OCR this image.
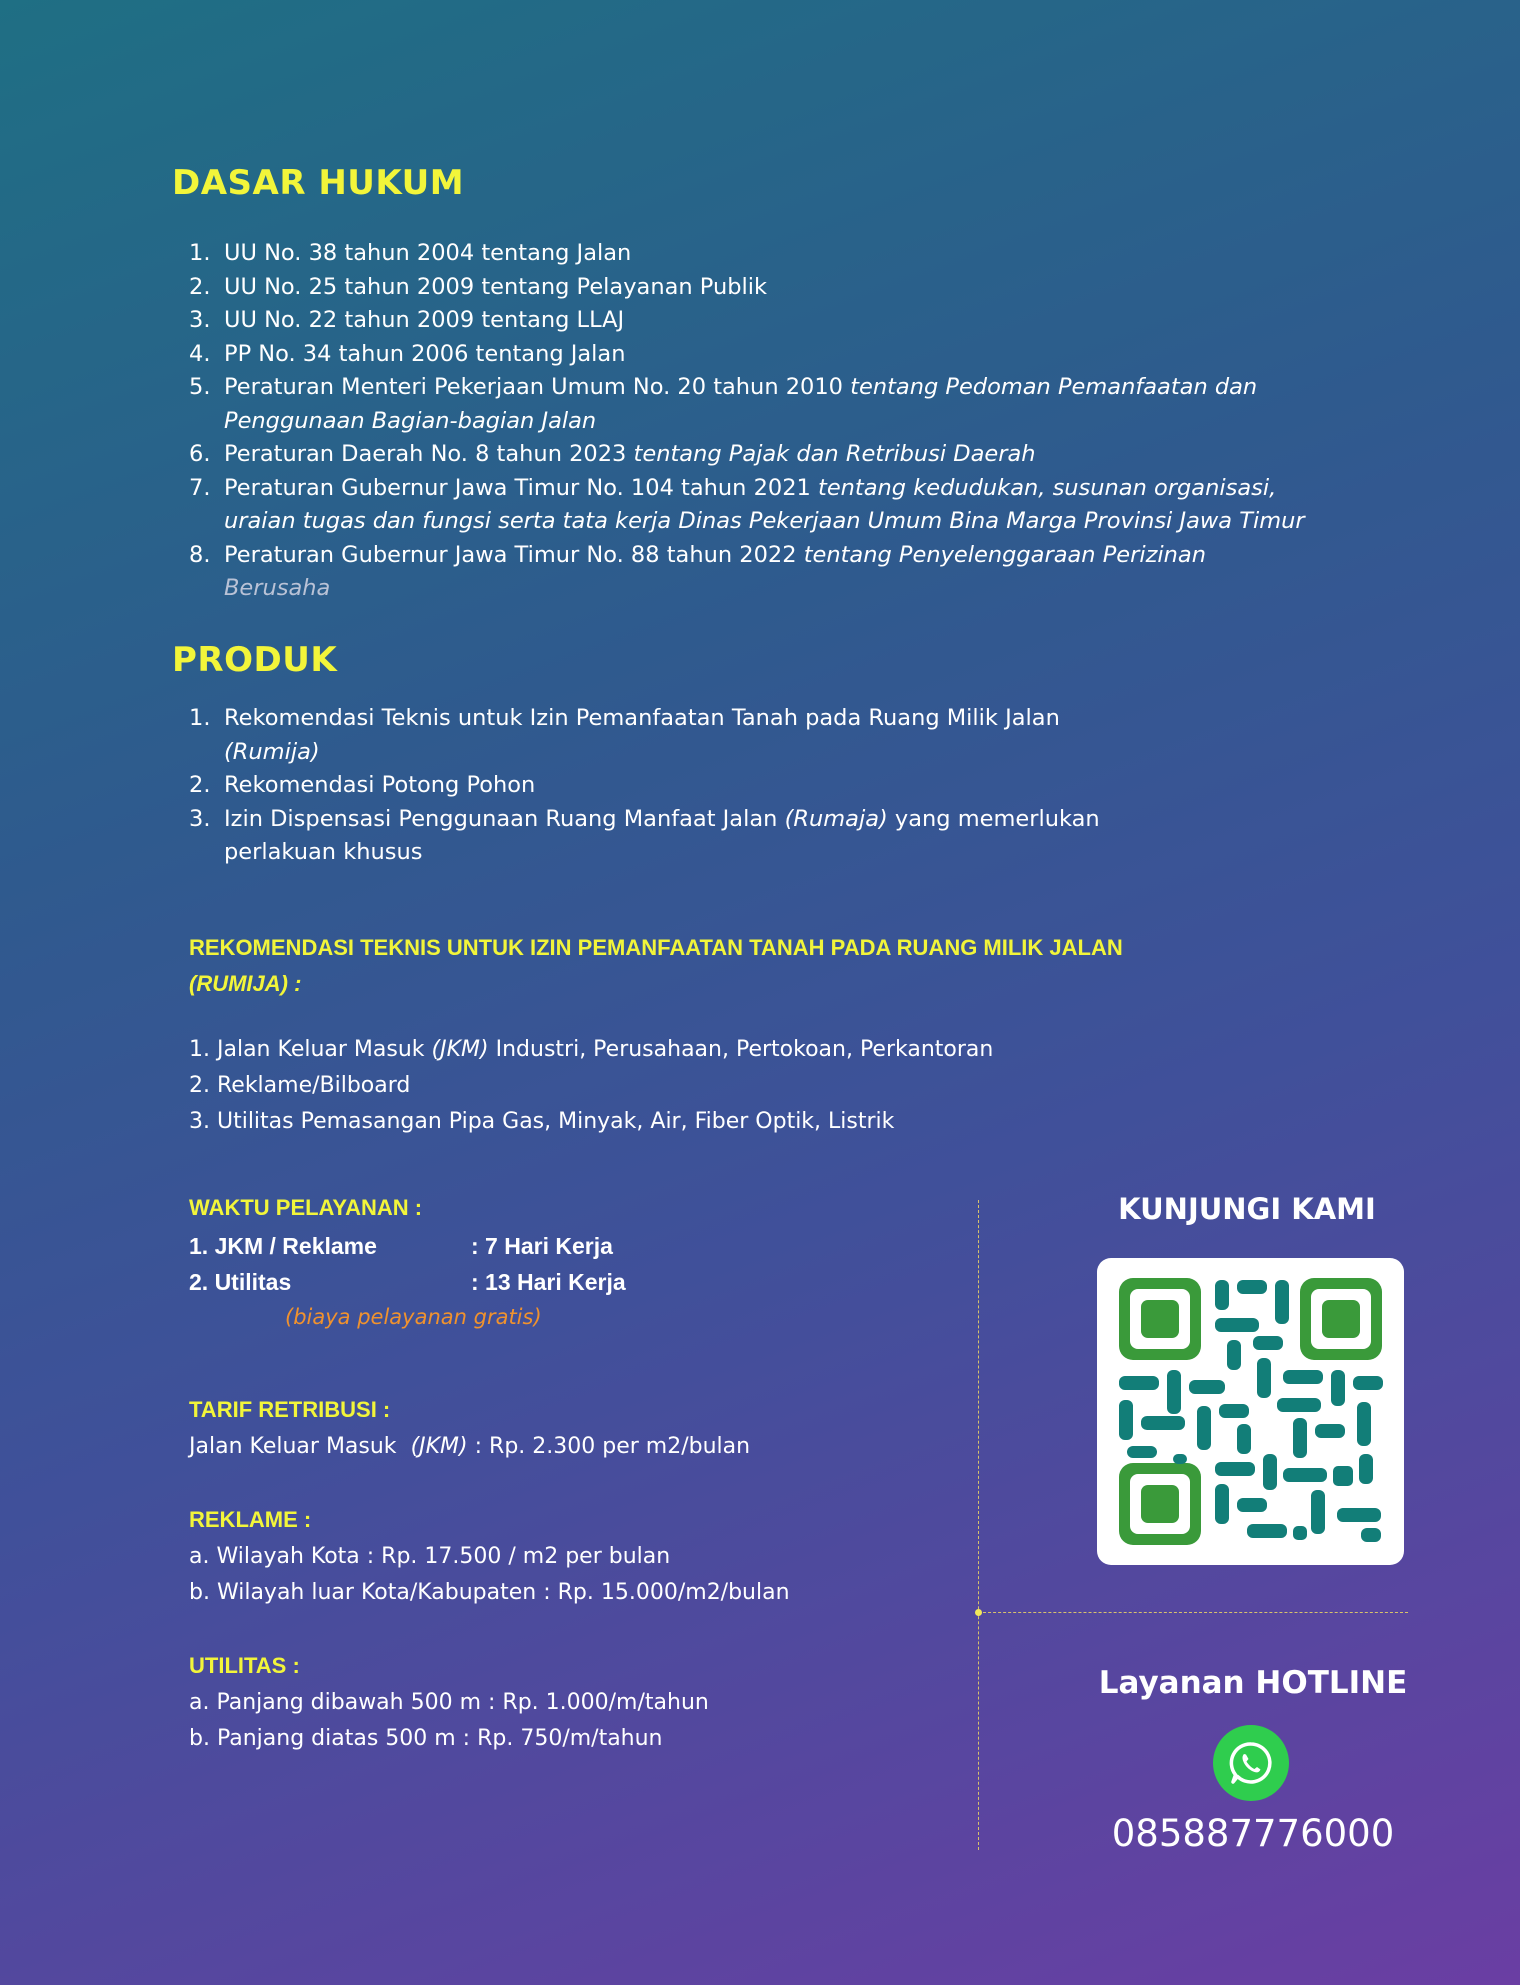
DASAR HUKUM
1. UU No. 38 tahun 2004 tentang Jalan
2. UU No. 25 tahun 2009 tentang Pelayanan Publik
3. UU No. 22 tahun 2009 tentang LLAJ
4. PP No. 34 tahun 2006 tentang Jalan
5. Peraturan Menteri Pekerjaan Umum No. 20 tahun 2010 tentang Pedoman Pemanfaatan dan Penggunaan Bagian-bagian Jalan
6. Peraturan Daerah No. 8 tahun 2023 tentang Pajak dan Retribusi Daerah
7. Peraturan Gubernur Jawa Timur No. 104 tahun 2021 tentang kedudukan, susunan organisasi, uraian tugas dan fungsi serta tata kerja Dinas Pekerjaan Umum Bina Marga Provinsi Jawa Timur
8. Peraturan Gubernur Jawa Timur No. 88 tahun 2022 tentang Penyelenggaraan Perizinan Berusaha
PRODUK
1. Rekomendasi Teknis untuk Izin Pemanfaatan Tanah pada Ruang Milik Jalan (Rumija)
2. Rekomendasi Potong Pohon
3. Izin Dispensasi Penggunaan Ruang Manfaat Jalan (Rumaja) yang memerlukan perlakuan khusus
REKOMENDASI TEKNIS UNTUK IZIN PEMANFAATAN TANAH PADA RUANG MILIK JALAN
(RUMIJA) :
1. Jalan Keluar Masuk (JKM) Industri, Perusahaan, Pertokoan, Perkantoran
2. Reklame/Bilboard
3. Utilitas Pemasangan Pipa Gas, Minyak, Air, Fiber Optik, Listrik
WAKTU PELAYANAN :
1. JKM / Reklame	: 7 Hari Kerja
2. Utilitas	: 13 Hari Kerja
(biaya pelayanan gratis)
TARIF RETRIBUSI :
Jalan Keluar Masuk (JKM) : Rp. 2.300 per m2/bulan
REKLAME :
a. Wilayah Kota : Rp. 17.500 / m2 per bulan
b. Wilayah luar Kota/Kabupaten : Rp. 15.000/m2/bulan
UTILITAS :
a. Panjang dibawah 500 m : Rp. 1.000/m/tahun
b. Panjang diatas 500 m : Rp. 750/m/tahun
KUNJUNGI KAMI
Layanan HOTLINE
085887776000
